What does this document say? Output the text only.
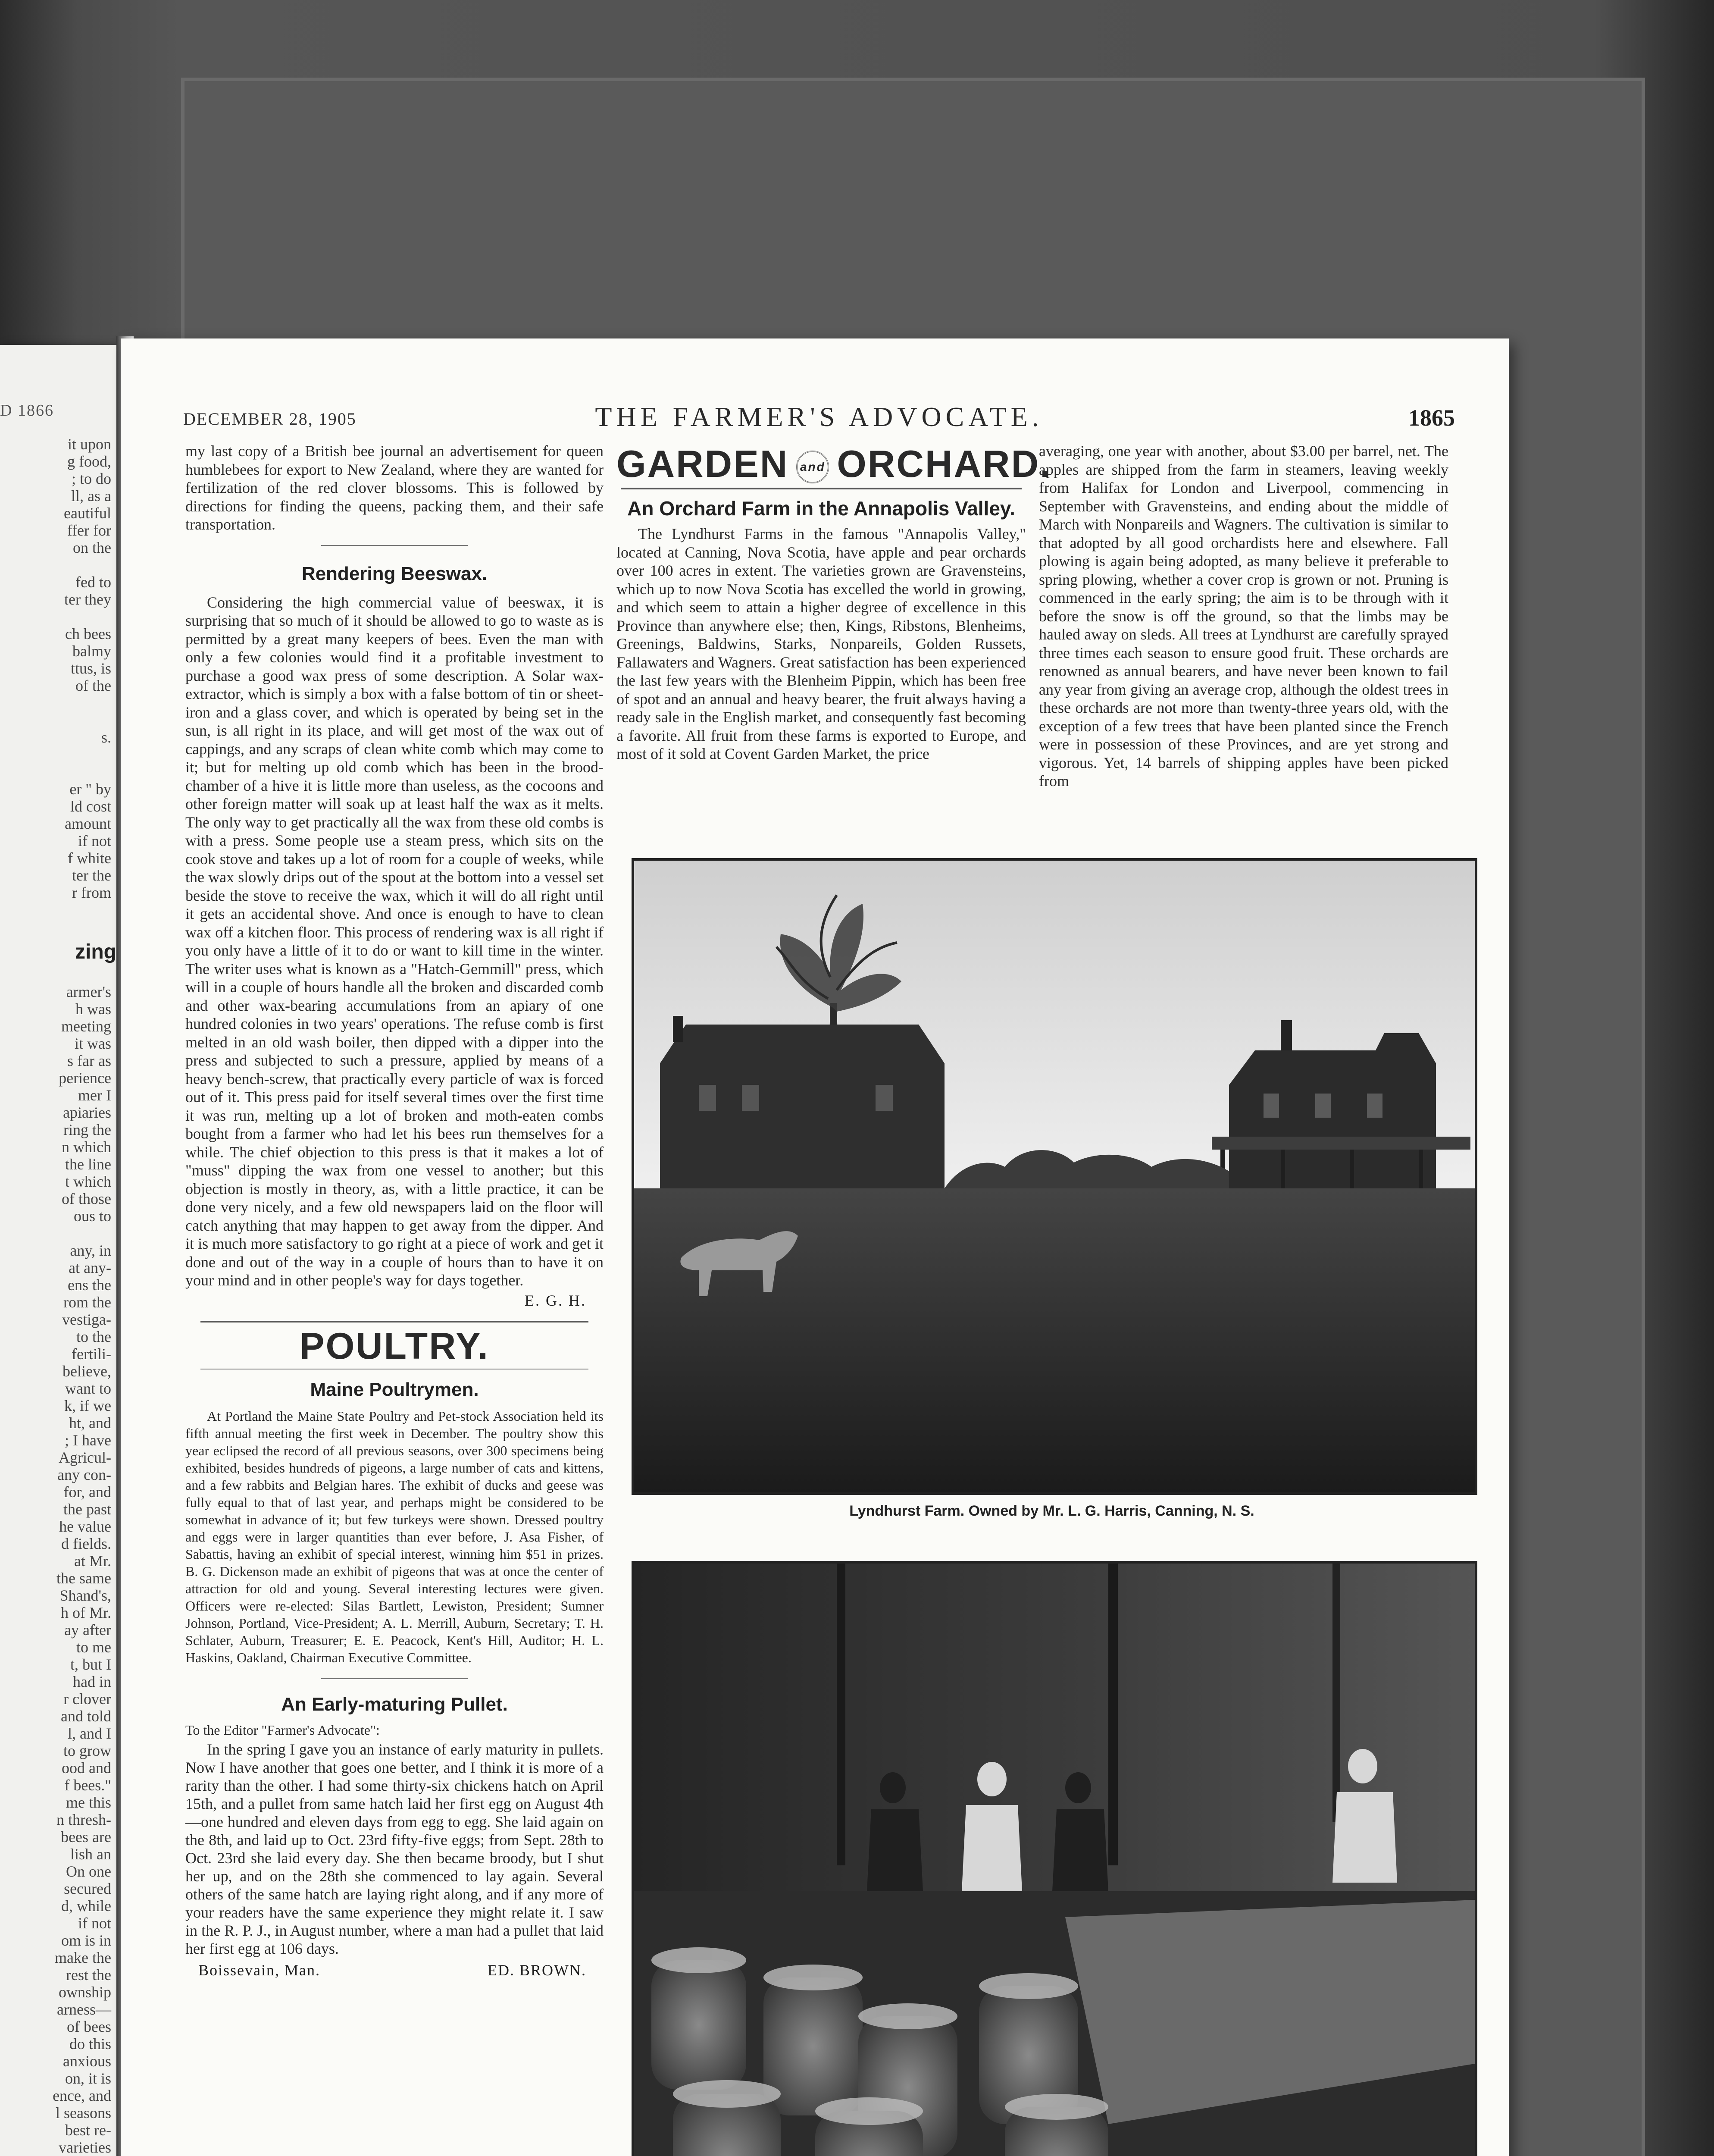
D 1866
it upon
g food,
; to do
ll, as a
eautiful
ffer for
on the

fed to
ter they

ch bees
balmy
ttus, is
of the

s.

er " by
ld cost
amount
if not
f white
ter the
r from
zing
armer's
h was
meeting
it was
s far as
perience
mer I
apiaries
ring the
n which
the line
t which
of those
ous to

any, in
at any-
ens the
rom the
vestiga-
to the
fertili-
believe,
want to
k, if we
ht, and
; I have
Agricul-
any con-
for, and
the past
he value
d fields.
at Mr.
the same
Shand's,
h of Mr.
ay after
to me
t, but I
had in
r clover
and told
l, and I
to grow
ood and
f bees."
me this
n thresh-
bees are
lish an
On one
secured
d, while
if not
om is in
make the
rest the
ownship
arness—
of bees
do this
anxious
on, it is
ence, and
l seasons
best re-
varieties

DECEMBER 28, 1905	THE FARMER'S ADVOCATE.	1865

my last copy of a British bee journal an advertisement for queen humblebees for export to New Zealand, where they are wanted for fertilization of the red clover blossoms. This is followed by directions for finding the queens, packing them, and their safe transportation.

Rendering Beeswax.

Considering the high commercial value of beeswax, it is surprising that so much of it should be allowed to go to waste as is permitted by a great many keepers of bees. Even the man with only a few colonies would find it a profitable investment to purchase a good wax press of some description. A Solar wax-extractor, which is simply a box with a false bottom of tin or sheet-iron and a glass cover, and which is operated by being set in the sun, is all right in its place, and will get most of the wax out of cappings, and any scraps of clean white comb which may come to it; but for melting up old comb which has been in the brood-chamber of a hive it is little more than useless, as the cocoons and other foreign matter will soak up at least half the wax as it melts. The only way to get practically all the wax from these old combs is with a press. Some people use a steam press, which sits on the cook stove and takes up a lot of room for a couple of weeks, while the wax slowly drips out of the spout at the bottom into a vessel set beside the stove to receive the wax, which it will do all right until it gets an accidental shove. And once is enough to have to clean wax off a kitchen floor. This process of rendering wax is all right if you only have a little of it to do or want to kill time in the winter. The writer uses what is known as a "Hatch-Gemmill" press, which will in a couple of hours handle all the broken and discarded comb and other wax-bearing accumulations from an apiary of one hundred colonies in two years' operations. The refuse comb is first melted in an old wash boiler, then dipped with a dipper into the press and subjected to such a pressure, applied by means of a heavy bench-screw, that practically every particle of wax is forced out of it. This press paid for itself several times over the first time it was run, melting up a lot of broken and moth-eaten combs bought from a farmer who had let his bees run themselves for a while. The chief objection to this press is that it makes a lot of "muss" dipping the wax from one vessel to another; but this objection is mostly in theory, as, with a little practice, it can be done very nicely, and a few old newspapers laid on the floor will catch anything that may happen to get away from the dipper. And it is much more satisfactory to go right at a piece of work and get it done and out of the way in a couple of hours than to have it on your mind and in other people's way for days together.

E. G. H.
POULTRY.
Maine Poultrymen.

At Portland the Maine State Poultry and Pet-stock Association held its fifth annual meeting the first week in December. The poultry show this year eclipsed the record of all previous seasons, over 300 specimens being exhibited, besides hundreds of pigeons, a large number of cats and kittens, and a few rabbits and Belgian hares. The exhibit of ducks and geese was fully equal to that of last year, and perhaps might be considered to be somewhat in advance of it; but few turkeys were shown. Dressed poultry and eggs were in larger quantities than ever before, J. Asa Fisher, of Sabattis, having an exhibit of special interest, winning him $51 in prizes. B. G. Dickenson made an exhibit of pigeons that was at once the center of attraction for old and young. Several interesting lectures were given. Officers were re-elected: Silas Bartlett, Lewiston, President; Sumner Johnson, Portland, Vice-President; A. L. Merrill, Auburn, Secretary; T. H. Schlater, Auburn, Treasurer; E. E. Peacock, Kent's Hill, Auditor; H. L. Haskins, Oakland, Chairman Executive Committee.

An Early-maturing Pullet.

To the Editor "Farmer's Advocate":

In the spring I gave you an instance of early maturity in pullets. Now I have another that goes one better, and I think it is more of a rarity than the other. I had some thirty-six chickens hatch on April 15th, and a pullet from same hatch laid her first egg on August 4th—one hundred and eleven days from egg to egg. She laid again on the 8th, and laid up to Oct. 23rd fifty-five eggs; from Sept. 28th to Oct. 23rd she laid every day. She then became broody, but I shut her up, and on the 28th she commenced to lay again. Several others of the same hatch are laying right along, and if any more of your readers have the same experience they might relate it. I saw in the R. P. J., in August number, where a man had a pullet that laid her first egg at 106 days.

Boissevain, Man.	ED. BROWN.
GARDEN and ORCHARD.
An Orchard Farm in the Annapolis Valley.

The Lyndhurst Farms in the famous "Annapolis Valley," located at Canning, Nova Scotia, have apple and pear orchards over 100 acres in extent. The varieties grown are Gravensteins, which up to now Nova Scotia has excelled the world in growing, and which seem to attain a higher degree of excellence in this Province than anywhere else; then, Kings, Ribstons, Blenheims, Greenings, Baldwins, Starks, Nonpareils, Golden Russets, Fallawaters and Wagners. Great satisfaction has been experienced the last few years with the Blenheim Pippin, which has been free of spot and an annual and heavy bearer, the fruit always having a ready sale in the English market, and consequently fast becoming a favorite. All fruit from these farms is exported to Europe, and most of it sold at Covent Garden Market, the price

averaging, one year with another, about $3.00 per barrel, net. The apples are shipped from the farm in steamers, leaving weekly from Halifax for London and Liverpool, commencing in September with Gravensteins, and ending about the middle of March with Nonpareils and Wagners. The cultivation is similar to that adopted by all good orchardists here and elsewhere. Fall plowing is again being adopted, as many believe it preferable to spring plowing, whether a cover crop is grown or not. Pruning is commenced in the early spring; the aim is to be through with it before the snow is off the ground, so that the limbs may be hauled away on sleds. All trees at Lyndhurst are carefully sprayed three times each season to ensure good fruit. These orchards are renowned as annual bearers, and have never been known to fail any year from giving an average crop, although the oldest trees in these orchards are not more than twenty-three years old, with the exception of a few trees that have been planted since the French were in possession of these Provinces, and are yet strong and vigorous. Yet, 14 barrels of shipping apples have been picked from

Lyndhurst Farm. Owned by Mr. L. G. Harris, Canning, N. S.
